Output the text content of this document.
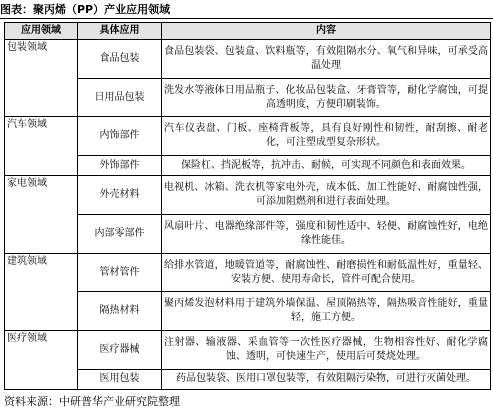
图表：聚丙烯（PP）产业应用领域
应用领域	具体应用	内容
包装领域	食品包装	食品包装袋、包装盒、饮料瓶等，有效阻隔水分、氧气和异味，可承受高温处理
	日用品包装	洗发水等液体日用品瓶子、化妆品包装盒、牙膏管等，耐化学腐蚀，可提高透明度，方便印刷装饰。
汽车领域	内饰部件	汽车仪表盘、门板、座椅背板等，具有良好刚性和韧性，耐刮擦、耐老化，可注塑成型复杂形状。
	外饰部件	保险杠、挡泥板等，抗冲击、耐候，可实现不同颜色和表面效果。
家电领域	外壳材料	电视机、冰箱、洗衣机等家电外壳，成本低、加工性能好、耐腐蚀性强，可添加阻燃剂和进行表面处理。
	内部零部件	风扇叶片、电器绝缘部件等，强度和韧性适中、轻便、耐腐蚀性好，电绝缘性能佳。
建筑领域	管材管件	给排水管道，地暖管道等，耐腐蚀性、耐磨损性和耐低温性好，重量轻、安装方便、使用寿命长，管件可配合使用。
	隔热材料	聚丙烯发泡材料用于建筑外墙保温、屋顶隔热等，隔热吸音性能好，重量轻，施工方便。
医疗领域	医疗器械	注射器、输液器、采血管等一次性医疗器械，生物相容性好、耐化学腐蚀、透明，可快速生产，使用后可焚烧处理。
	医用包装	药品包装袋、医用口罩包装等，有效阻隔污染物，可进行灭菌处理。
资料来源：中研普华产业研究院整理
